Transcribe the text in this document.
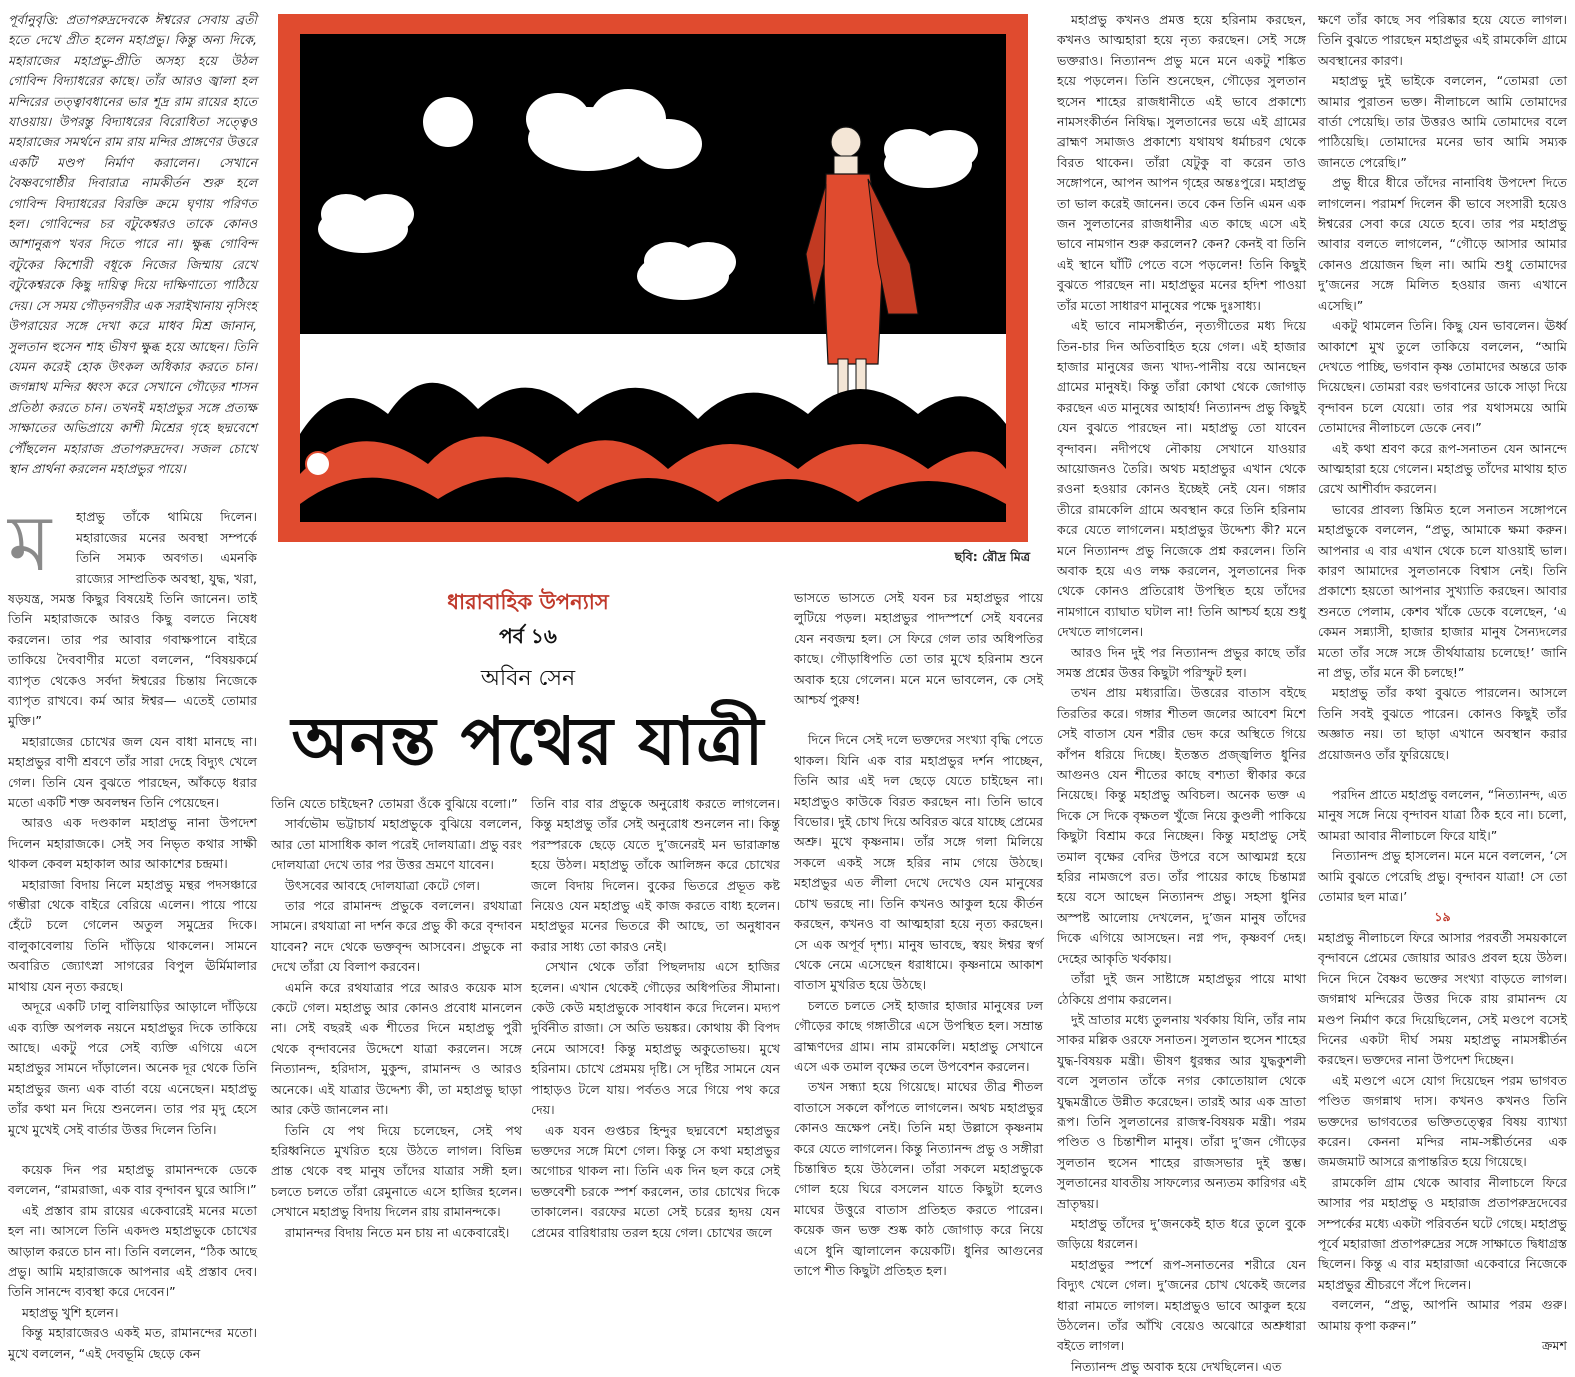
পূর্বানুবৃত্তি: প্রতাপরুদ্রদেবকে ঈশ্বরের সেবায় ব্রতী হতে দেখে প্রীত হলেন মহাপ্রভু। কিন্তু অন্য দিকে, মহারাজের মহাপ্রভু-প্রীতি অসহ্য হয়ে উঠল গোবিন্দ বিদ্যাধরের কাছে। তাঁর আরও জ্বালা হল মন্দিরের তত্ত্বাবধানের ভার শূদ্র রাম রায়ের হাতে যাওয়ায়। উপরন্তু বিদ্যাধরের বিরোধিতা সত্ত্বেও মহারাজের সমর্থনে রাম রায় মন্দির প্রাঙ্গণের উত্তরে একটি মণ্ডপ নির্মাণ করালেন। সেখানে বৈষ্ণবগোষ্ঠীর দিবারাত্র নামকীর্তন শুরু হলে গোবিন্দ বিদ্যাধরের বিরক্তি ক্রমে ঘৃণায় পরিণত হল। গোবিন্দের চর বটুকেশ্বরও তাকে কোনও আশানুরূপ খবর দিতে পারে না। ক্ষুব্ধ গোবিন্দ বটুকের কিশোরী বধূকে নিজের জিম্মায় রেখে বটুকেশ্বরকে কিছু দায়িত্ব দিয়ে দাক্ষিণাত্যে পাঠিয়ে দেয়। সে সময় গৌড়নগরীর এক সরাইখানায় নৃসিংহ উপরায়ের সঙ্গে দেখা করে মাধব মিশ্র জানান, সুলতান হুসেন শাহ ভীষণ ক্ষুব্ধ হয়ে আছেন। তিনি যেমন করেই হোক উৎকল অধিকার করতে চান। জগন্নাথ মন্দির ধ্বংস করে সেখানে গৌড়ের শাসন প্রতিষ্ঠা করতে চান। তখনই মহাপ্রভুর সঙ্গে প্রত্যক্ষ সাক্ষাতের অভিপ্রায়ে কাশী মিশ্রের গৃহে ছদ্মবেশে পৌঁছলেন মহারাজ প্রতাপরুদ্রদেব। সজল চোখে স্থান প্রার্থনা করলেন মহাপ্রভুর পায়ে।

ম	হাপ্রভু তাঁকে থামিয়ে দিলেন। মহারাজের মনের অবস্থা সম্পর্কে তিনি সম্যক অবগত। এমনকি রাজ্যের সাম্প্রতিক অবস্থা, যুদ্ধ, খরা, ষড়যন্ত্র, সমস্ত কিছুর বিষয়েই তিনি জানেন। তাই তিনি মহারাজকে আরও কিছু বলতে নিষেধ করলেন। তার পর আবার গবাক্ষপানে বাইরে তাকিয়ে দৈববাণীর মতো বললেন, “বিষয়কর্মে ব্যাপৃত থেকেও সর্বদা ঈশ্বরের চিন্তায় নিজেকে ব্যাপৃত রাখবে। কর্ম আর ঈশ্বর— এতেই তোমার মুক্তি।”

মহারাজের চোখের জল যেন বাধা মানছে না। মহাপ্রভুর বাণী শ্রবণে তাঁর সারা দেহে বিদ্যুৎ খেলে গেল। তিনি যেন বুঝতে পারছেন, আঁকড়ে ধরার মতো একটি শক্ত অবলম্বন তিনি পেয়েছেন।

আরও এক দণ্ডকাল মহাপ্রভু নানা উপদেশ দিলেন মহারাজকে। সেই সব নিভৃত কথার সাক্ষী থাকল কেবল মহাকাল আর আকাশের চন্দ্রমা।

মহারাজা বিদায় নিলে মহাপ্রভু মন্থর পদসঞ্চারে গম্ভীরা থেকে বাইরে বেরিয়ে এলেন। পায়ে পায়ে হেঁটে চলে গেলেন অতুল সমুদ্রের দিকে। বালুকাবেলায় তিনি দাঁড়িয়ে থাকলেন। সামনে অবারিত জ্যোৎস্না সাগরের বিপুল ঊর্মিমালার মাথায় যেন নৃত্য করছে।

অদূরে একটি ঢালু বালিয়াড়ির আড়ালে দাঁড়িয়ে এক ব্যক্তি অপলক নয়নে মহাপ্রভুর দিকে তাকিয়ে আছে। একটু পরে সেই ব্যক্তি এগিয়ে এসে মহাপ্রভুর সামনে দাঁড়ালেন। অনেক দূর থেকে তিনি মহাপ্রভুর জন্য এক বার্তা বয়ে এনেছেন। মহাপ্রভু তাঁর কথা মন দিয়ে শুনলেন। তার পর মৃদু হেসে মুখে মুখেই সেই বার্তার উত্তর দিলেন তিনি।

কয়েক দিন পর মহাপ্রভু রামানন্দকে ডেকে বললেন, “রামরাজা, এক বার বৃন্দাবন ঘুরে আসি।”

এই প্রস্তাব রাম রায়ের একেবারেই মনের মতো হল না। আসলে তিনি একদণ্ড মহাপ্রভুকে চোখের আড়াল করতে চান না। তিনি বললেন, “ঠিক আছে প্রভু। আমি মহারাজকে আপনার এই প্রস্তাব দেব। তিনি সানন্দে ব্যবস্থা করে দেবেন।”

মহাপ্রভু খুশি হলেন।

কিন্তু মহারাজেরও একই মত, রামানন্দের মতো। মুখে বললেন, “এই দেবভূমি ছেড়ে কেন

ছবি: রৌদ্র মিত্র
ধারাবাহিক উপন্যাস
পর্ব ১৬
অবিন সেন
অনন্ত পথের যাত্রী

তিনি যেতে চাইছেন? তোমরা ওঁকে বুঝিয়ে বলো।”

সার্বভৌম ভট্টাচার্য মহাপ্রভুকে বুঝিয়ে বললেন, আর তো মাসাধিক কাল পরেই দোলযাত্রা। প্রভু বরং দোলযাত্রা দেখে তার পর উত্তর ভ্রমণে যাবেন।

উৎসবের আবহে দোলযাত্রা কেটে গেল।

তার পরে রামানন্দ প্রভুকে বললেন। রথযাত্রা সামনে। রথযাত্রা না দর্শন করে প্রভু কী করে বৃন্দাবন যাবেন? নদে থেকে ভক্তবৃন্দ আসবেন। প্রভুকে না দেখে তাঁরা যে বিলাপ করবেন।

এমনি করে রথযাত্রার পরে আরও কয়েক মাস কেটে গেল। মহাপ্রভু আর কোনও প্রবোধ মানলেন না। সেই বছরই এক শীতের দিনে মহাপ্রভু পুরী থেকে বৃন্দাবনের উদ্দেশে যাত্রা করলেন। সঙ্গে নিত্যানন্দ, হরিদাস, মুকুন্দ, রামানন্দ ও আরও অনেকে। এই যাত্রার উদ্দেশ্য কী, তা মহাপ্রভু ছাড়া আর কেউ জানলেন না।

তিনি যে পথ দিয়ে চলেছেন, সেই পথ হরিধ্বনিতে মুখরিত হয়ে উঠতে লাগল। বিভিন্ন প্রান্ত থেকে বহু মানুষ তাঁদের যাত্রার সঙ্গী হল। চলতে চলতে তাঁরা রেমুনাতে এসে হাজির হলেন। সেখানে মহাপ্রভু বিদায় দিলেন রায় রামানন্দকে।

রামানন্দর বিদায় নিতে মন চায় না একেবারেই।

তিনি বার বার প্রভুকে অনুরোধ করতে লাগলেন। কিন্তু মহাপ্রভু তাঁর সেই অনুরোধ শুনলেন না। কিন্তু পরস্পরকে ছেড়ে যেতে দু’জনেরই মন ভারাক্রান্ত হয়ে উঠল। মহাপ্রভু তাঁকে আলিঙ্গন করে চোখের জলে বিদায় দিলেন। বুকের ভিতরে প্রভূত কষ্ট নিয়েও যেন মহাপ্রভু এই কাজ করতে বাধ্য হলেন। মহাপ্রভুর মনের ভিতরে কী আছে, তা অনুধাবন করার সাধ্য তো কারও নেই।

সেখান থেকে তাঁরা পিছলদায় এসে হাজির হলেন। এখান থেকেই গৌড়ের অধিপতির সীমানা। কেউ কেউ মহাপ্রভুকে সাবধান করে দিলেন। মদ্যপ দুর্বিনীত রাজা। সে অতি ভয়ঙ্কর। কোথায় কী বিপদ নেমে আসবে! কিন্তু মহাপ্রভু অকুতোভয়। মুখে হরিনাম। চোখে প্রেমময় দৃষ্টি। সে দৃষ্টির সামনে যেন পাহাড়ও টলে যায়। পর্বতও সরে গিয়ে পথ করে দেয়।

এক যবন গুপ্তচর হিন্দুর ছদ্মবেশে মহাপ্রভুর ভক্তদের সঙ্গে মিশে গেল। কিন্তু সে কথা মহাপ্রভুর অগোচর থাকল না। তিনি এক দিন ছল করে সেই ভক্তবেশী চরকে স্পর্শ করলেন, তার চোখের দিকে তাকালেন। বরফের মতো সেই চরের হৃদয় যেন প্রেমের বারিধারায় তরল হয়ে গেল। চোখের জলে

ভাসতে ভাসতে সেই যবন চর মহাপ্রভুর পায়ে লুটিয়ে পড়ল। মহাপ্রভুর পাদস্পর্শে সেই যবনের যেন নবজন্ম হল। সে ফিরে গেল তার অধিপতির কাছে। গৌড়াধিপতি তো তার মুখে হরিনাম শুনে অবাক হয়ে গেলেন। মনে মনে ভাবলেন, কে সেই আশ্চর্য পুরুষ!

দিনে দিনে সেই দলে ভক্তদের সংখ্যা বৃদ্ধি পেতে থাকল। যিনি এক বার মহাপ্রভুর দর্শন পাচ্ছেন, তিনি আর এই দল ছেড়ে যেতে চাইছেন না। মহাপ্রভুও কাউকে বিরত করছেন না। তিনি ভাবে বিভোর। দুই চোখ দিয়ে অবিরত ঝরে যাচ্ছে প্রেমের অশ্রু। মুখে কৃষ্ণনাম। তাঁর সঙ্গে গলা মিলিয়ে সকলে একই সঙ্গে হরির নাম গেয়ে উঠছে। মহাপ্রভুর এত লীলা দেখে দেখেও যেন মানুষের চোখ ভরছে না। তিনি কখনও আকুল হয়ে কীর্তন করছেন, কখনও বা আত্মহারা হয়ে নৃত্য করছেন। সে এক অপূর্ব দৃশ্য। মানুষ ভাবছে, স্বয়ং ঈশ্বর স্বর্গ থেকে নেমে এসেছেন ধরাধামে। কৃষ্ণনামে আকাশ বাতাস মুখরিত হয়ে উঠছে।

চলতে চলতে সেই হাজার হাজার মানুষের ঢল গৌড়ের কাছে গঙ্গাতীরে এসে উপস্থিত হল। সম্রান্ত ব্রাহ্মণদের গ্রাম। নাম রামকেলি। মহাপ্রভু সেখানে এসে এক তমাল বৃক্ষের তলে উপবেশন করলেন।

তখন সন্ধ্যা হয়ে গিয়েছে। মাঘের তীব্র শীতল বাতাসে সকলে কাঁপতে লাগলেন। অথচ মহাপ্রভুর কোনও ভ্রূক্ষেপ নেই। তিনি মহা উল্লাসে কৃষ্ণনাম করে যেতে লাগলেন। কিন্তু নিত্যানন্দ প্রভু ও সঙ্গীরা চিন্তান্বিত হয়ে উঠলেন। তাঁরা সকলে মহাপ্রভুকে গোল হয়ে ঘিরে বসলেন যাতে কিছুটা হলেও মাঘের উত্তুরে বাতাস প্রতিহত করতে পারেন। কয়েক জন ভক্ত শুষ্ক কাঠ জোগাড় করে নিয়ে এসে ধুনি জ্বালালেন কয়েকটি। ধুনির আগুনের তাপে শীত কিছুটা প্রতিহত হল।

মহাপ্রভু কখনও প্রমত্ত হয়ে হরিনাম করছেন, কখনও আত্মহারা হয়ে নৃত্য করছেন। সেই সঙ্গে ভক্তরাও। নিত্যানন্দ প্রভু মনে মনে একটু শঙ্কিত হয়ে পড়লেন। তিনি শুনেছেন, গৌড়ের সুলতান হুসেন শাহের রাজধানীতে এই ভাবে প্রকাশ্যে নামসংকীর্তন নিষিদ্ধ। সুলতানের ভয়ে এই গ্রামের ব্রাহ্মণ সমাজও প্রকাশ্যে যথাযথ ধর্মাচরণ থেকে বিরত থাকেন। তাঁরা যেটুকু বা করেন তাও সঙ্গোপনে, আপন আপন গৃহের অন্তঃপুরে। মহাপ্রভু তা ভাল করেই জানেন। তবে কেন তিনি এমন এক জন সুলতানের রাজধানীর এত কাছে এসে এই ভাবে নামগান শুরু করলেন? কেন? কেনই বা তিনি এই স্থানে ঘাঁটি পেতে বসে পড়লেন! তিনি কিছুই বুঝতে পারছেন না। মহাপ্রভুর মনের হদিশ পাওয়া তাঁর মতো সাধারণ মানুষের পক্ষে দুঃসাধ্য।

এই ভাবে নামসঙ্কীর্তন, নৃত্যগীতের মধ্য দিয়ে তিন-চার দিন অতিবাহিত হয়ে গেল। এই হাজার হাজার মানুষের জন্য খাদ্য-পানীয় বয়ে আনছেন গ্রামের মানুষই। কিন্তু তাঁরা কোথা থেকে জোগাড় করছেন এত মানুষের আহার্য! নিত্যানন্দ প্রভু কিছুই যেন বুঝতে পারছেন না। মহাপ্রভু তো যাবেন বৃন্দাবন। নদীপথে নৌকায় সেখানে যাওয়ার আয়োজনও তৈরি। অথচ মহাপ্রভুর এখান থেকে রওনা হওয়ার কোনও ইচ্ছেই নেই যেন। গঙ্গার তীরে রামকেলি গ্রামে অবস্থান করে তিনি হরিনাম করে যেতে লাগলেন। মহাপ্রভুর উদ্দেশ্য কী? মনে মনে নিত্যানন্দ প্রভু নিজেকে প্রশ্ন করলেন। তিনি অবাক হয়ে এও লক্ষ করলেন, সুলতানের দিক থেকে কোনও প্রতিরোধ উপস্থিত হয়ে তাঁদের নামগানে ব্যাঘাত ঘটাল না! তিনি আশ্চর্য হয়ে শুধু দেখতে লাগলেন।

আরও দিন দুই পর নিত্যানন্দ প্রভুর কাছে তাঁর সমস্ত প্রশ্নের উত্তর কিছুটা পরিস্ফুট হল।

তখন প্রায় মধ্যরাত্রি। উত্তরের বাতাস বইছে তিরতির করে। গঙ্গার শীতল জলের আবেশ মিশে সেই বাতাস যেন শরীর ভেদ করে অস্থিতে গিয়ে কাঁপন ধরিয়ে দিচ্ছে। ইতস্তত প্রজ্জ্বলিত ধুনির আগুনও যেন শীতের কাছে বশ্যতা স্বীকার করে নিয়েছে। কিন্তু মহাপ্রভু অবিচল। অনেক ভক্ত এ দিকে সে দিকে বৃক্ষতল খুঁজে নিয়ে কুণ্ডলী পাকিয়ে কিছুটা বিশ্রাম করে নিচ্ছেন। কিন্তু মহাপ্রভু সেই তমাল বৃক্ষের বেদির উপরে বসে আত্মমগ্ন হয়ে হরির নামজপে রত। তাঁর পায়ের কাছে চিন্তামগ্ন হয়ে বসে আছেন নিত্যানন্দ প্রভু। সহসা ধুনির অস্পষ্ট আলোয় দেখলেন, দু’জন মানুষ তাঁদের দিকে এগিয়ে আসছেন। নগ্ন পদ, কৃষ্ণবর্ণ দেহ। দেহের আকৃতি খর্বকায়।

তাঁরা দুই জন সাষ্টাঙ্গে মহাপ্রভুর পায়ে মাথা ঠেকিয়ে প্রণাম করলেন।

দুই ভ্রাতার মধ্যে তুলনায় খর্বকায় যিনি, তাঁর নাম সাকর মল্লিক ওরফে সনাতন। সুলতান হুসেন শাহের যুদ্ধ-বিষয়ক মন্ত্রী। ভীষণ ধুরন্ধর আর যুদ্ধকুশলী বলে সুলতান তাঁকে নগর কোতোয়াল থেকে যুদ্ধমন্ত্রীতে উন্নীত করেছেন। তারই আর এক ভ্রাতা রূপ। তিনি সুলতানের রাজস্ব-বিষয়ক মন্ত্রী। পরম পণ্ডিত ও চিন্তাশীল মানুষ। তাঁরা দু’জন গৌড়ের সুলতান হুসেন শাহের রাজসভার দুই স্তম্ভ। সুলতানের যাবতীয় সাফল্যের অন্যতম কারিগর এই ভ্রাতৃদ্বয়।

মহাপ্রভু তাঁদের দু’জনকেই হাত ধরে তুলে বুকে জড়িয়ে ধরলেন।

মহাপ্রভুর স্পর্শে রূপ-সনাতনের শরীরে যেন বিদ্যুৎ খেলে গেল। দু’জনের চোখ থেকেই জলের ধারা নামতে লাগল। মহাপ্রভুও ভাবে আকুল হয়ে উঠলেন। তাঁর আঁখি বেয়েও অঝোরে অশ্রুধারা বইতে লাগল।

নিত্যানন্দ প্রভু অবাক হয়ে দেখছিলেন। এত

ক্ষণে তাঁর কাছে সব পরিষ্কার হয়ে যেতে লাগল। তিনি বুঝতে পারছেন মহাপ্রভুর এই রামকেলি গ্রামে অবস্থানের কারণ।

মহাপ্রভু দুই ভাইকে বললেন, “তোমরা তো আমার পুরাতন ভক্ত। নীলাচলে আমি তোমাদের বার্তা পেয়েছি। তার উত্তরও আমি তোমাদের বলে পাঠিয়েছি। তোমাদের মনের ভাব আমি সম্যক জানতে পেরেছি।”

প্রভু ধীরে ধীরে তাঁদের নানাবিধ উপদেশ দিতে লাগলেন। পরামর্শ দিলেন কী ভাবে সংসারী হয়েও ঈশ্বরের সেবা করে যেতে হবে। তার পর মহাপ্রভু আবার বলতে লাগলেন, “গৌড়ে আসার আমার কোনও প্রয়োজন ছিল না। আমি শুধু তোমাদের দু’জনের সঙ্গে মিলিত হওয়ার জন্য এখানে এসেছি।”

একটু থামলেন তিনি। কিছু যেন ভাবলেন। ঊর্ধ্ব আকাশে মুখ তুলে তাকিয়ে বললেন, “আমি দেখতে পাচ্ছি, ভগবান কৃষ্ণ তোমাদের অন্তরে ডাক দিয়েছেন। তোমরা বরং ভগবানের ডাকে সাড়া দিয়ে বৃন্দাবন চলে যেয়ো। তার পর যথাসময়ে আমি তোমাদের নীলাচলে ডেকে নেব।”

এই কথা শ্রবণ করে রূপ-সনাতন যেন আনন্দে আত্মহারা হয়ে গেলেন। মহাপ্রভু তাঁদের মাথায় হাত রেখে আশীর্বাদ করলেন।

ভাবের প্রাবল্য স্তিমিত হলে সনাতন সঙ্গোপনে মহাপ্রভুকে বললেন, “প্রভু, আমাকে ক্ষমা করুন। আপনার এ বার এখান থেকে চলে যাওয়াই ভাল। কারণ আমাদের সুলতানকে বিশ্বাস নেই। তিনি প্রকাশ্যে হয়তো আপনার সুখ্যাতি করছেন। আবার শুনতে পেলাম, কেশব খাঁকে ডেকে বলেছেন, ‘এ কেমন সন্ন্যাসী, হাজার হাজার মানুষ সৈন্যদলের মতো তাঁর সঙ্গে সঙ্গে তীর্থযাত্রায় চলেছে!’ জানি না প্রভু, তাঁর মনে কী চলছে!”

মহাপ্রভু তাঁর কথা বুঝতে পারলেন। আসলে তিনি সবই বুঝতে পারেন। কোনও কিছুই তাঁর অজ্ঞাত নয়। তা ছাড়া এখানে অবস্থান করার প্রয়োজনও তাঁর ফুরিয়েছে।

পরদিন প্রাতে মহাপ্রভু বললেন, “নিত্যানন্দ, এত মানুষ সঙ্গে নিয়ে বৃন্দাবন যাত্রা ঠিক হবে না। চলো, আমরা আবার নীলাচলে ফিরে যাই।”

নিত্যানন্দ প্রভু হাসলেন। মনে মনে বললেন, ‘সে আমি বুঝতে পেরেছি প্রভু। বৃন্দাবন যাত্রা! সে তো তোমার ছল মাত্র।’

১৯

মহাপ্রভু নীলাচলে ফিরে আসার পরবর্তী সময়কালে বৃন্দাবনে প্রেমের জোয়ার আরও প্রবল হয়ে উঠল। দিনে দিনে বৈষ্ণব ভক্তের সংখ্যা বাড়তে লাগল। জগন্নাথ মন্দিরের উত্তর দিকে রায় রামানন্দ যে মণ্ডপ নির্মাণ করে দিয়েছিলেন, সেই মণ্ডপে বসেই দিনের একটা দীর্ঘ সময় মহাপ্রভু নামসঙ্কীর্তন করছেন। ভক্তদের নানা উপদেশ দিচ্ছেন।

এই মণ্ডপে এসে যোগ দিয়েছেন পরম ভাগবত পণ্ডিত জগন্নাথ দাস। কখনও কখনও তিনি ভক্তদের ভাগবতের ভক্তিতত্ত্বের বিষয় ব্যাখ্যা করেন। কেননা মন্দির নাম-সঙ্কীর্তনের এক জমজমাট আসরে রূপান্তরিত হয়ে গিয়েছে।

রামকেলি গ্রাম থেকে আবার নীলাচলে ফিরে আসার পর মহাপ্রভু ও মহারাজ প্রতাপরুদ্রদেবের সম্পর্কের মধ্যে একটা পরিবর্তন ঘটে গেছে। মহাপ্রভু পূর্বে মহারাজা প্রতাপরুদ্রের সঙ্গে সাক্ষাতে দ্বিধাগ্রস্ত ছিলেন। কিন্তু এ বার মহারাজা একেবারে নিজেকে মহাপ্রভুর শ্রীচরণে সঁপে দিলেন।

বললেন, “প্রভু, আপনি আমার পরম গুরু। আমায় কৃপা করুন।”

ক্রমশ
